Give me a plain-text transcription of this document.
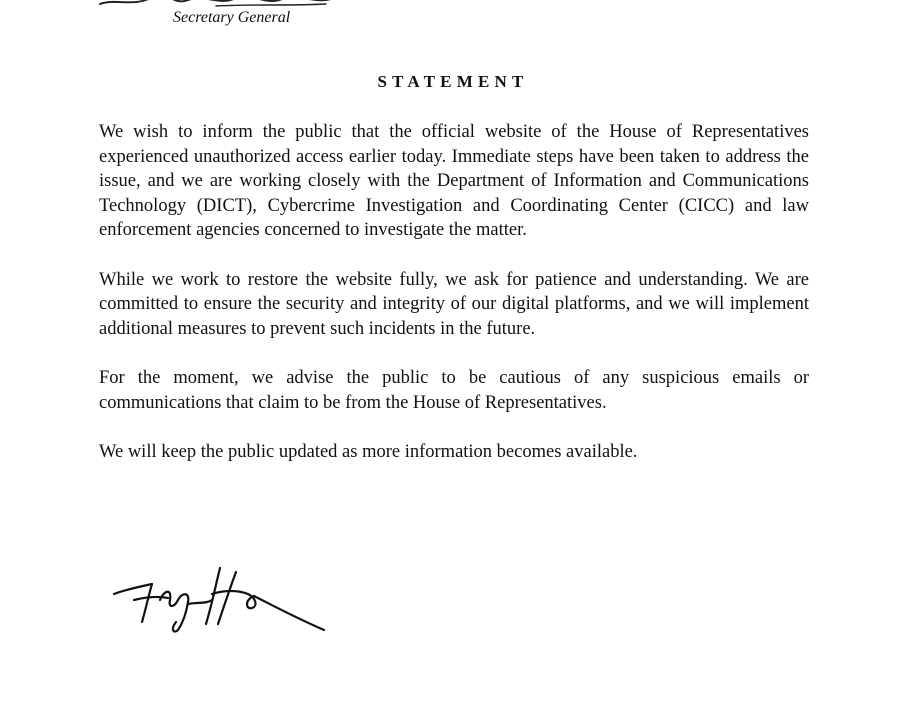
Secretary General
STATEMENT

We wish to inform the public that the official website of the House of Representatives experienced unauthorized access earlier today. Immediate steps have been taken to address the issue, and we are working closely with the Department of Information and Communications Technology (DICT), Cybercrime Investigation and Coordinating Center (CICC) and law enforcement agencies concerned to investigate the matter.

While we work to restore the website fully, we ask for patience and understanding. We are committed to ensure the security and integrity of our digital platforms, and we will implement additional measures to prevent such incidents in the future.

For the moment, we advise the public to be cautious of any suspicious emails or communications that claim to be from the House of Representatives.

We will keep the public updated as more information becomes available.
